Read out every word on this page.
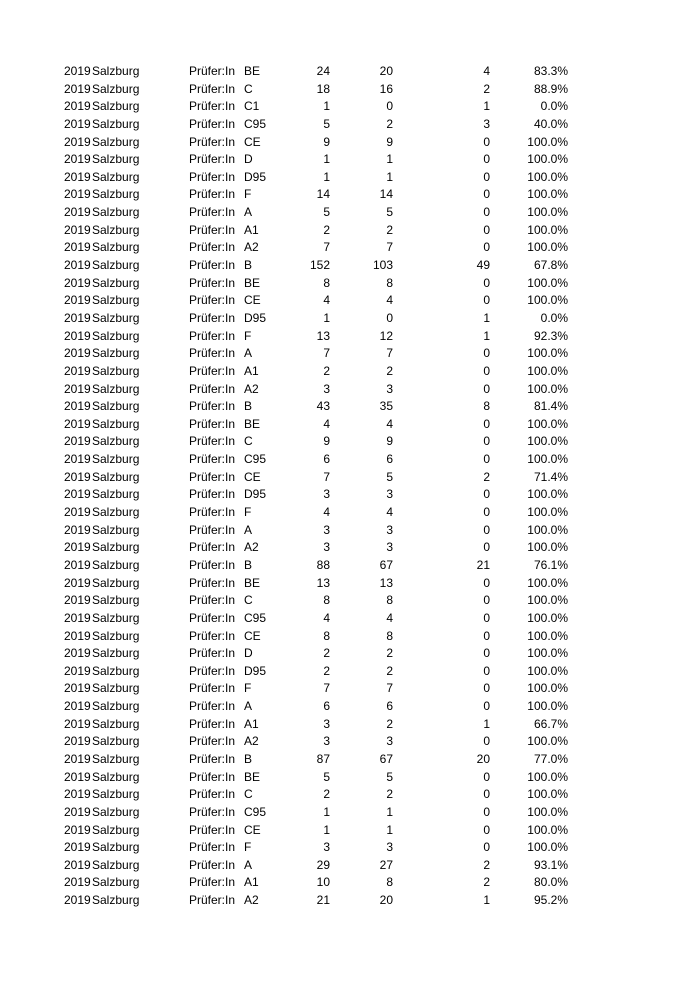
2019 Salzburg	Prüfer:In BE	24	20	4	83.3%
2019 Salzburg	Prüfer:In C	18	16	2	88.9%
2019 Salzburg	Prüfer:In C1	1	0	1	0.0%
2019 Salzburg	Prüfer:In C95	5	2	3	40.0%
2019 Salzburg	Prüfer:In CE	9	9	0	100.0%
2019 Salzburg	Prüfer:In D	1	1	0	100.0%
2019 Salzburg	Prüfer:In D95	1	1	0	100.0%
2019 Salzburg	Prüfer:In F	14	14	0	100.0%
2019 Salzburg	Prüfer:In A	5	5	0	100.0%
2019 Salzburg	Prüfer:In A1	2	2	0	100.0%
2019 Salzburg	Prüfer:In A2	7	7	0	100.0%
2019 Salzburg	Prüfer:In B	152	103	49	67.8%
2019 Salzburg	Prüfer:In BE	8	8	0	100.0%
2019 Salzburg	Prüfer:In CE	4	4	0	100.0%
2019 Salzburg	Prüfer:In D95	1	0	1	0.0%
2019 Salzburg	Prüfer:In F	13	12	1	92.3%
2019 Salzburg	Prüfer:In A	7	7	0	100.0%
2019 Salzburg	Prüfer:In A1	2	2	0	100.0%
2019 Salzburg	Prüfer:In A2	3	3	0	100.0%
2019 Salzburg	Prüfer:In B	43	35	8	81.4%
2019 Salzburg	Prüfer:In BE	4	4	0	100.0%
2019 Salzburg	Prüfer:In C	9	9	0	100.0%
2019 Salzburg	Prüfer:In C95	6	6	0	100.0%
2019 Salzburg	Prüfer:In CE	7	5	2	71.4%
2019 Salzburg	Prüfer:In D95	3	3	0	100.0%
2019 Salzburg	Prüfer:In F	4	4	0	100.0%
2019 Salzburg	Prüfer:In A	3	3	0	100.0%
2019 Salzburg	Prüfer:In A2	3	3	0	100.0%
2019 Salzburg	Prüfer:In B	88	67	21	76.1%
2019 Salzburg	Prüfer:In BE	13	13	0	100.0%
2019 Salzburg	Prüfer:In C	8	8	0	100.0%
2019 Salzburg	Prüfer:In C95	4	4	0	100.0%
2019 Salzburg	Prüfer:In CE	8	8	0	100.0%
2019 Salzburg	Prüfer:In D	2	2	0	100.0%
2019 Salzburg	Prüfer:In D95	2	2	0	100.0%
2019 Salzburg	Prüfer:In F	7	7	0	100.0%
2019 Salzburg	Prüfer:In A	6	6	0	100.0%
2019 Salzburg	Prüfer:In A1	3	2	1	66.7%
2019 Salzburg	Prüfer:In A2	3	3	0	100.0%
2019 Salzburg	Prüfer:In B	87	67	20	77.0%
2019 Salzburg	Prüfer:In BE	5	5	0	100.0%
2019 Salzburg	Prüfer:In C	2	2	0	100.0%
2019 Salzburg	Prüfer:In C95	1	1	0	100.0%
2019 Salzburg	Prüfer:In CE	1	1	0	100.0%
2019 Salzburg	Prüfer:In F	3	3	0	100.0%
2019 Salzburg	Prüfer:In A	29	27	2	93.1%
2019 Salzburg	Prüfer:In A1	10	8	2	80.0%
2019 Salzburg	Prüfer:In A2	21	20	1	95.2%
